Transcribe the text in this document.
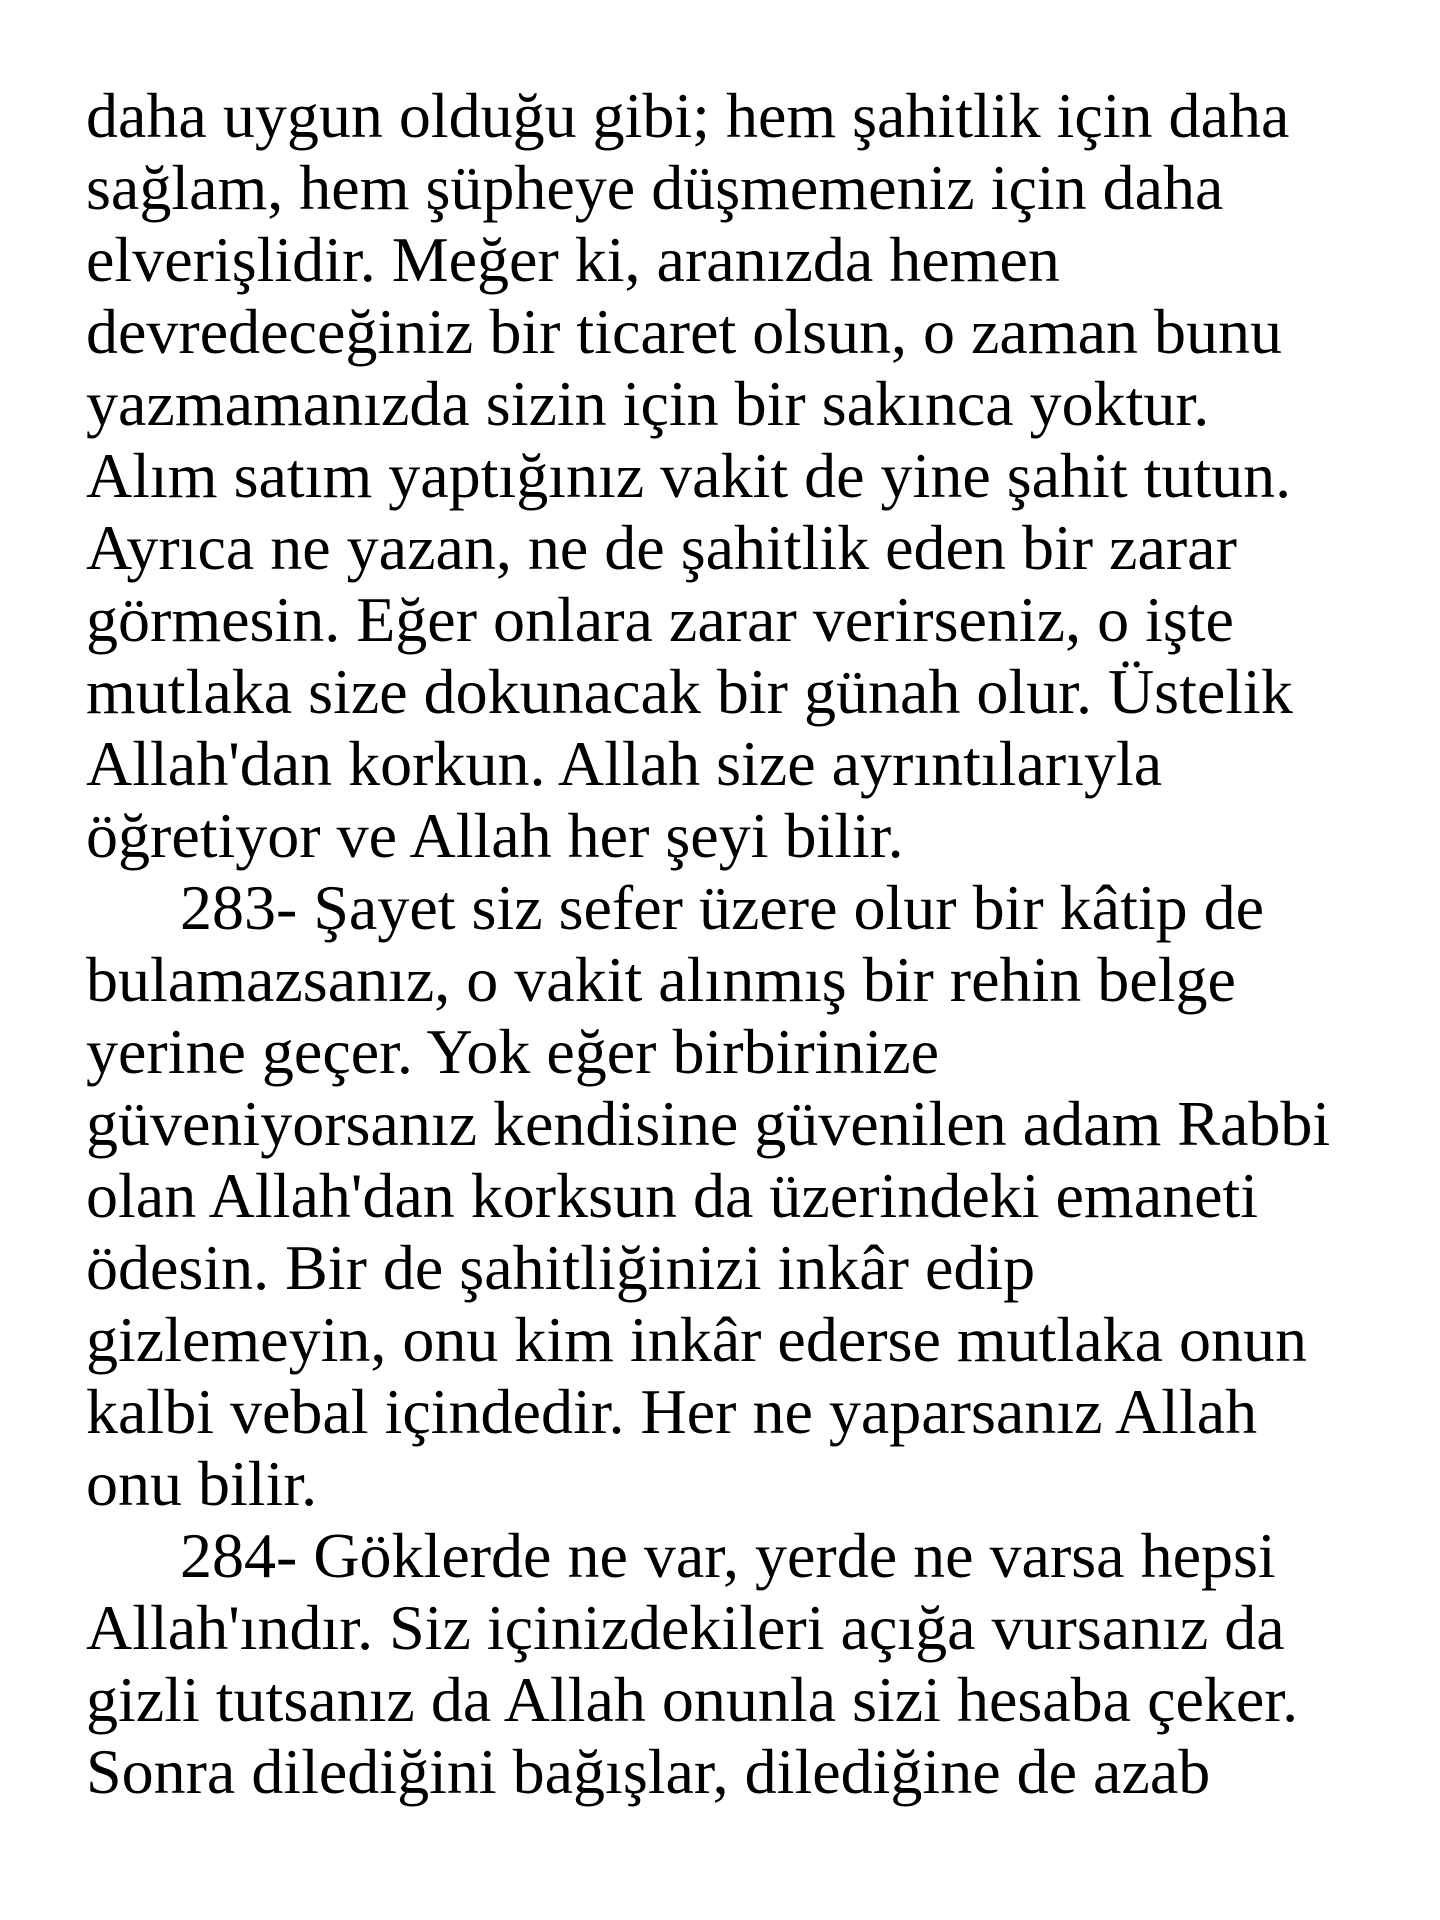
daha uygun olduğu gibi; hem şahitlik için daha
sağlam, hem şüpheye düşmemeniz için daha
elverişlidir. Meğer ki, aranızda hemen
devredeceğiniz bir ticaret olsun, o zaman bunu
yazmamanızda sizin için bir sakınca yoktur.
Alım satım yaptığınız vakit de yine şahit tutun.
Ayrıca ne yazan, ne de şahitlik eden bir zarar
görmesin. Eğer onlara zarar verirseniz, o işte
mutlaka size dokunacak bir günah olur. Üstelik
Allah'dan korkun. Allah size ayrıntılarıyla
öğretiyor ve Allah her şeyi bilir.
283- Şayet siz sefer üzere olur bir kâtip de
bulamazsanız, o vakit alınmış bir rehin belge
yerine geçer. Yok eğer birbirinize
güveniyorsanız kendisine güvenilen adam Rabbi
olan Allah'dan korksun da üzerindeki emaneti
ödesin. Bir de şahitliğinizi inkâr edip
gizlemeyin, onu kim inkâr ederse mutlaka onun
kalbi vebal içindedir. Her ne yaparsanız Allah
onu bilir.
284- Göklerde ne var, yerde ne varsa hepsi
Allah'ındır. Siz içinizdekileri açığa vursanız da
gizli tutsanız da Allah onunla sizi hesaba çeker.
Sonra dilediğini bağışlar, dilediğine de azab
